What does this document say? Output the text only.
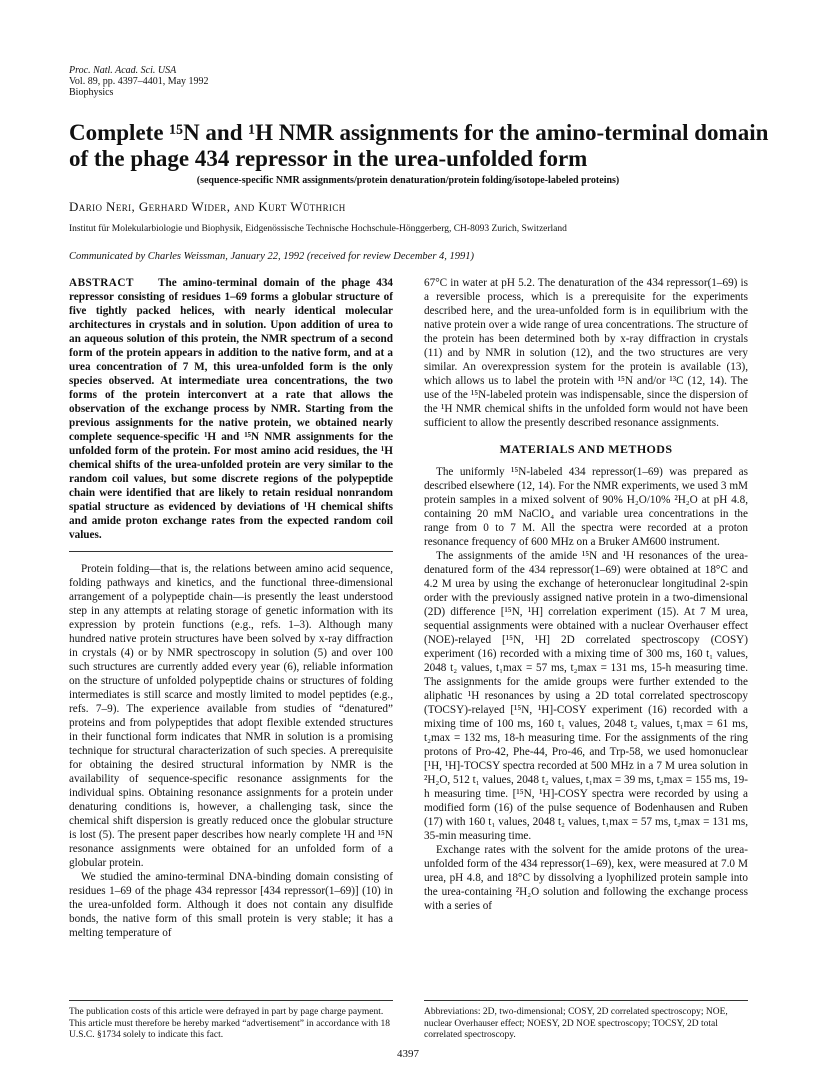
Proc. Natl. Acad. Sci. USA
Vol. 89, pp. 4397–4401, May 1992
Biophysics
Complete ¹⁵N and ¹H NMR assignments for the amino-terminal domain of the phage 434 repressor in the urea-unfolded form
(sequence-specific NMR assignments/protein denaturation/protein folding/isotope-labeled proteins)
Dario Neri, Gerhard Wider, and Kurt Wüthrich
Institut für Molekularbiologie und Biophysik, Eidgenössische Technische Hochschule-Hönggerberg, CH-8093 Zurich, Switzerland
Communicated by Charles Weissman, January 22, 1992 (received for review December 4, 1991)

ABSTRACT The amino-terminal domain of the phage 434 repressor consisting of residues 1–69 forms a globular structure of five tightly packed helices, with nearly identical molecular architectures in crystals and in solution. Upon addition of urea to an aqueous solution of this protein, the NMR spectrum of a second form of the protein appears in addition to the native form, and at a urea concentration of 7 M, this urea-unfolded form is the only species observed. At intermediate urea concentrations, the two forms of the protein interconvert at a rate that allows the observation of the exchange process by NMR. Starting from the previous assignments for the native protein, we obtained nearly complete sequence-specific ¹H and ¹⁵N NMR assignments for the unfolded form of the protein. For most amino acid residues, the ¹H chemical shifts of the urea-unfolded protein are very similar to the random coil values, but some discrete regions of the polypeptide chain were identified that are likely to retain residual nonrandom spatial structure as evidenced by deviations of ¹H chemical shifts and amide proton exchange rates from the expected random coil values.

Protein folding—that is, the relations between amino acid sequence, folding pathways and kinetics, and the functional three-dimensional arrangement of a polypeptide chain—is presently the least understood step in any attempts at relating storage of genetic information with its expression by protein functions (e.g., refs. 1–3). Although many hundred native protein structures have been solved by x-ray diffraction in crystals (4) or by NMR spectroscopy in solution (5) and over 100 such structures are currently added every year (6), reliable information on the structure of unfolded polypeptide chains or structures of folding intermediates is still scarce and mostly limited to model peptides (e.g., refs. 7–9). The experience available from studies of “denatured” proteins and from polypeptides that adopt flexible extended structures in their functional form indicates that NMR in solution is a promising technique for structural characterization of such species. A prerequisite for obtaining the desired structural information by NMR is the availability of sequence-specific resonance assignments for the individual spins. Obtaining resonance assignments for a protein under denaturing conditions is, however, a challenging task, since the chemical shift dispersion is greatly reduced once the globular structure is lost (5). The present paper describes how nearly complete ¹H and ¹⁵N resonance assignments were obtained for an unfolded form of a globular protein.

We studied the amino-terminal DNA-binding domain consisting of residues 1–69 of the phage 434 repressor [434 repressor(1–69)] (10) in the urea-unfolded form. Although it does not contain any disulfide bonds, the native form of this small protein is very stable; it has a melting temperature of

67°C in water at pH 5.2. The denaturation of the 434 repressor(1–69) is a reversible process, which is a prerequisite for the experiments described here, and the urea-unfolded form is in equilibrium with the native protein over a wide range of urea concentrations. The structure of the protein has been determined both by x-ray diffraction in crystals (11) and by NMR in solution (12), and the two structures are very similar. An overexpression system for the protein is available (13), which allows us to label the protein with ¹⁵N and/or ¹³C (12, 14). The use of the ¹⁵N-labeled protein was indispensable, since the dispersion of the ¹H NMR chemical shifts in the unfolded form would not have been sufficient to allow the presently described resonance assignments.

MATERIALS AND METHODS

The uniformly ¹⁵N-labeled 434 repressor(1–69) was prepared as described elsewhere (12, 14). For the NMR experiments, we used 3 mM protein samples in a mixed solvent of 90% H₂O/10% ²H₂O at pH 4.8, containing 20 mM NaClO₄ and variable urea concentrations in the range from 0 to 7 M. All the spectra were recorded at a proton resonance frequency of 600 MHz on a Bruker AM600 instrument.

The assignments of the amide ¹⁵N and ¹H resonances of the urea-denatured form of the 434 repressor(1–69) were obtained at 18°C and 4.2 M urea by using the exchange of heteronuclear longitudinal 2-spin order with the previously assigned native protein in a two-dimensional (2D) difference [¹⁵N, ¹H] correlation experiment (15). At 7 M urea, sequential assignments were obtained with a nuclear Overhauser effect (NOE)-relayed [¹⁵N, ¹H] 2D correlated spectroscopy (COSY) experiment (16) recorded with a mixing time of 300 ms, 160 t₁ values, 2048 t₂ values, t₁max = 57 ms, t₂max = 131 ms, 15-h measuring time. The assignments for the amide groups were further extended to the aliphatic ¹H resonances by using a 2D total correlated spectroscopy (TOCSY)-relayed [¹⁵N, ¹H]-COSY experiment (16) recorded with a mixing time of 100 ms, 160 t₁ values, 2048 t₂ values, t₁max = 61 ms, t₂max = 132 ms, 18-h measuring time. For the assignments of the ring protons of Pro-42, Phe-44, Pro-46, and Trp-58, we used homonuclear [¹H, ¹H]-TOCSY spectra recorded at 500 MHz in a 7 M urea solution in ²H₂O, 512 t₁ values, 2048 t₂ values, t₁max = 39 ms, t₂max = 155 ms, 19-h measuring time. [¹⁵N, ¹H]-COSY spectra were recorded by using a modified form (16) of the pulse sequence of Bodenhausen and Ruben (17) with 160 t₁ values, 2048 t₂ values, t₁max = 57 ms, t₂max = 131 ms, 35-min measuring time.

Exchange rates with the solvent for the amide protons of the urea-unfolded form of the 434 repressor(1–69), kex, were measured at 7.0 M urea, pH 4.8, and 18°C by dissolving a lyophilized protein sample into the urea-containing ²H₂O solution and following the exchange process with a series of

The publication costs of this article were defrayed in part by page charge payment. This article must therefore be hereby marked “advertisement” in accordance with 18 U.S.C. §1734 solely to indicate this fact.
Abbreviations: 2D, two-dimensional; COSY, 2D correlated spectroscopy; NOE, nuclear Overhauser effect; NOESY, 2D NOE spectroscopy; TOCSY, 2D total correlated spectroscopy.
4397
